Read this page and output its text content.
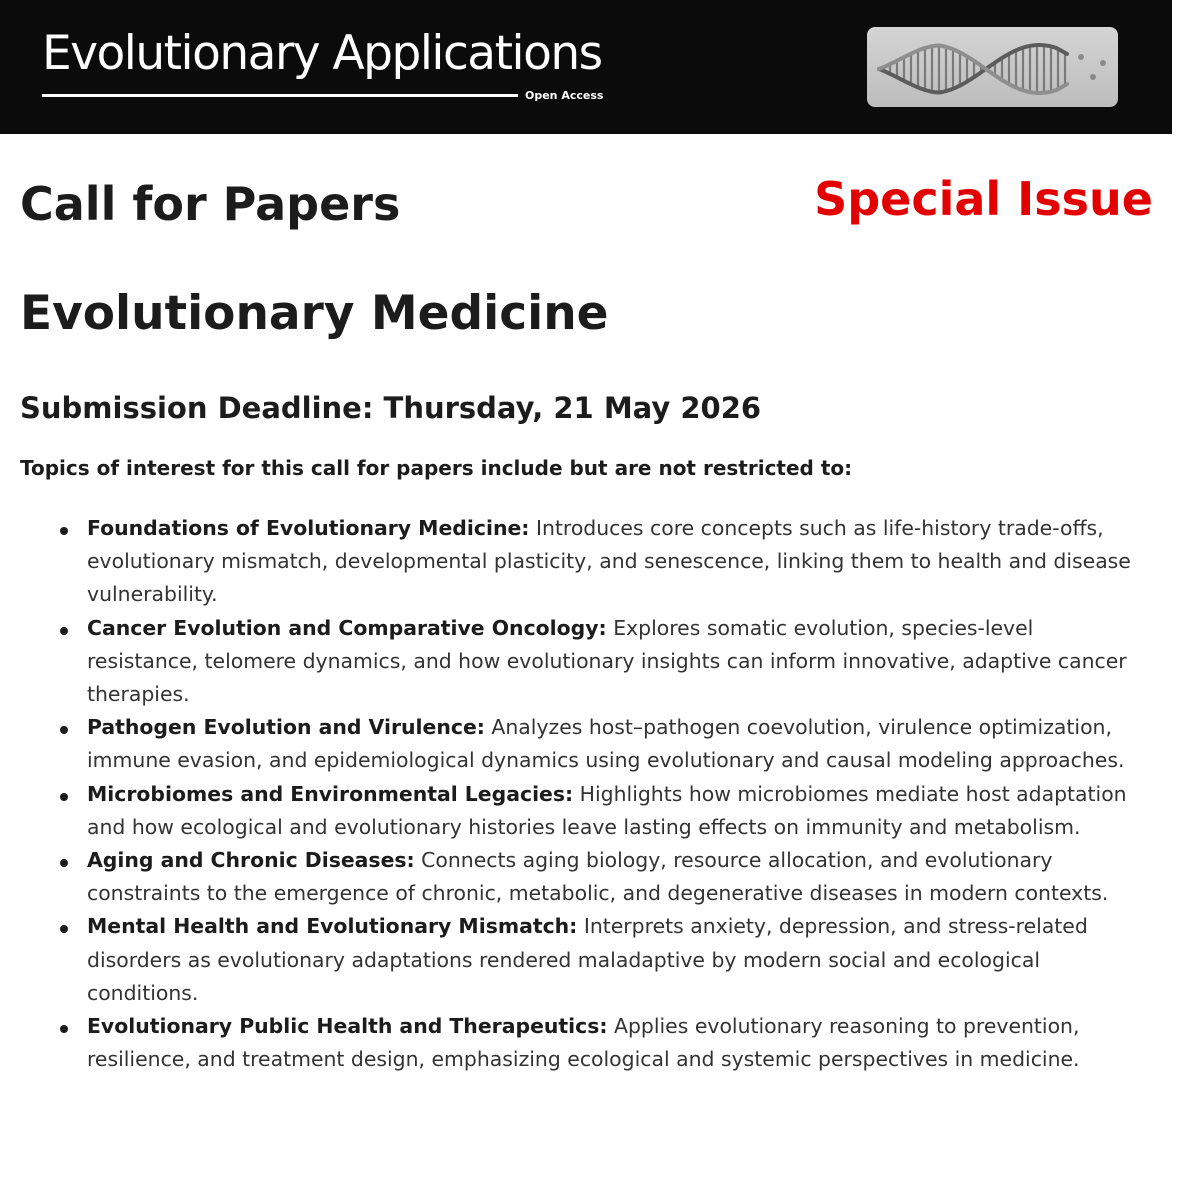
Evolutionary Applications
Open Access
Call for Papers	Special Issue
Evolutionary Medicine
Submission Deadline: Thursday, 21 May 2026

Topics of interest for this call for papers include but are not restricted to:

Foundations of Evolutionary Medicine: Introduces core concepts such as life-history trade-offs, evolutionary mismatch, developmental plasticity, and senescence, linking them to health and disease vulnerability.
Cancer Evolution and Comparative Oncology: Explores somatic evolution, species-level resistance, telomere dynamics, and how evolutionary insights can inform innovative, adaptive cancer therapies.
Pathogen Evolution and Virulence: Analyzes host–pathogen coevolution, virulence optimization, immune evasion, and epidemiological dynamics using evolutionary and causal modeling approaches.
Microbiomes and Environmental Legacies: Highlights how microbiomes mediate host adaptation and how ecological and evolutionary histories leave lasting effects on immunity and metabolism.
Aging and Chronic Diseases: Connects aging biology, resource allocation, and evolutionary constraints to the emergence of chronic, metabolic, and degenerative diseases in modern contexts.
Mental Health and Evolutionary Mismatch: Interprets anxiety, depression, and stress-related disorders as evolutionary adaptations rendered maladaptive by modern social and ecological conditions.
Evolutionary Public Health and Therapeutics: Applies evolutionary reasoning to prevention, resilience, and treatment design, emphasizing ecological and systemic perspectives in medicine.
